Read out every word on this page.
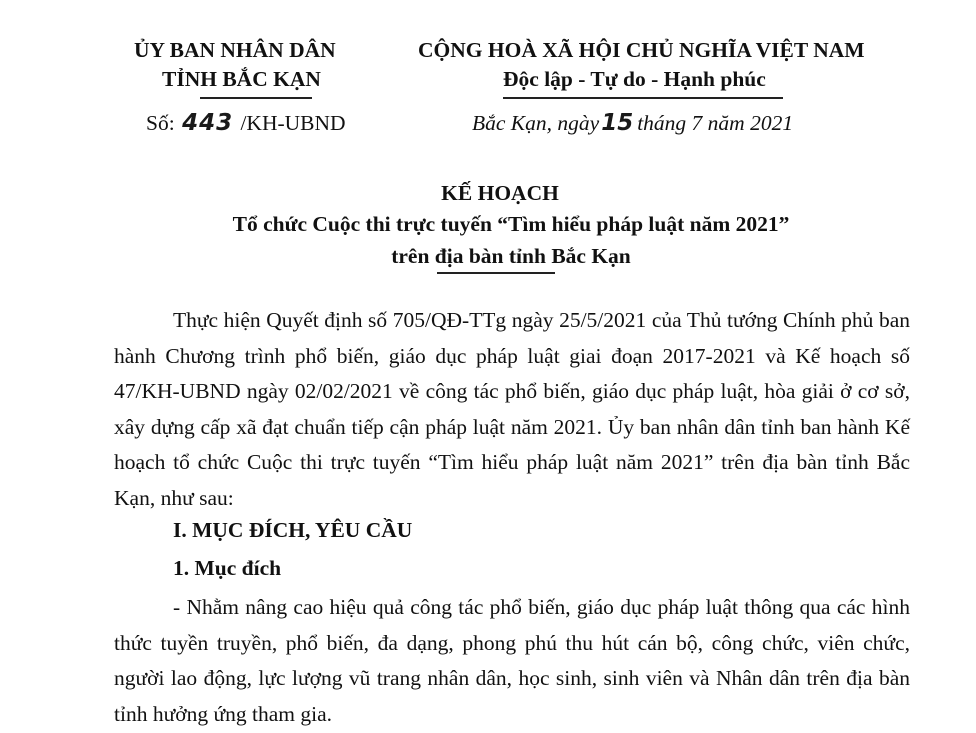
ỦY BAN NHÂN DÂN
TỈNH BẮC KẠN
Số: 443 /KH-UBND
CỘNG HOÀ XÃ HỘI CHỦ NGHĨA VIỆT NAM
Độc lập - Tự do - Hạnh phúc
Bắc Kạn, ngày15 tháng 7 năm 2021
KẾ HOẠCH
Tổ chức Cuộc thi trực tuyến “Tìm hiểu pháp luật năm 2021”
trên địa bàn tỉnh Bắc Kạn
Thực hiện Quyết định số 705/QĐ-TTg ngày 25/5/2021 của Thủ tướng Chính phủ ban hành Chương trình phổ biến, giáo dục pháp luật giai đoạn 2017-2021 và Kế hoạch số 47/KH-UBND ngày 02/02/2021 về công tác phổ biến, giáo dục pháp luật, hòa giải ở cơ sở, xây dựng cấp xã đạt chuẩn tiếp cận pháp luật năm 2021. Ủy ban nhân dân tỉnh ban hành Kế hoạch tổ chức Cuộc thi trực tuyến “Tìm hiểu pháp luật năm 2021” trên địa bàn tỉnh Bắc Kạn, như sau:
I. MỤC ĐÍCH, YÊU CẦU
1. Mục đích
- Nhằm nâng cao hiệu quả công tác phổ biến, giáo dục pháp luật thông qua các hình thức tuyền truyền, phổ biến, đa dạng, phong phú thu hút cán bộ, công chức, viên chức, người lao động, lực lượng vũ trang nhân dân, học sinh, sinh viên và Nhân dân trên địa bàn tỉnh hưởng ứng tham gia.
